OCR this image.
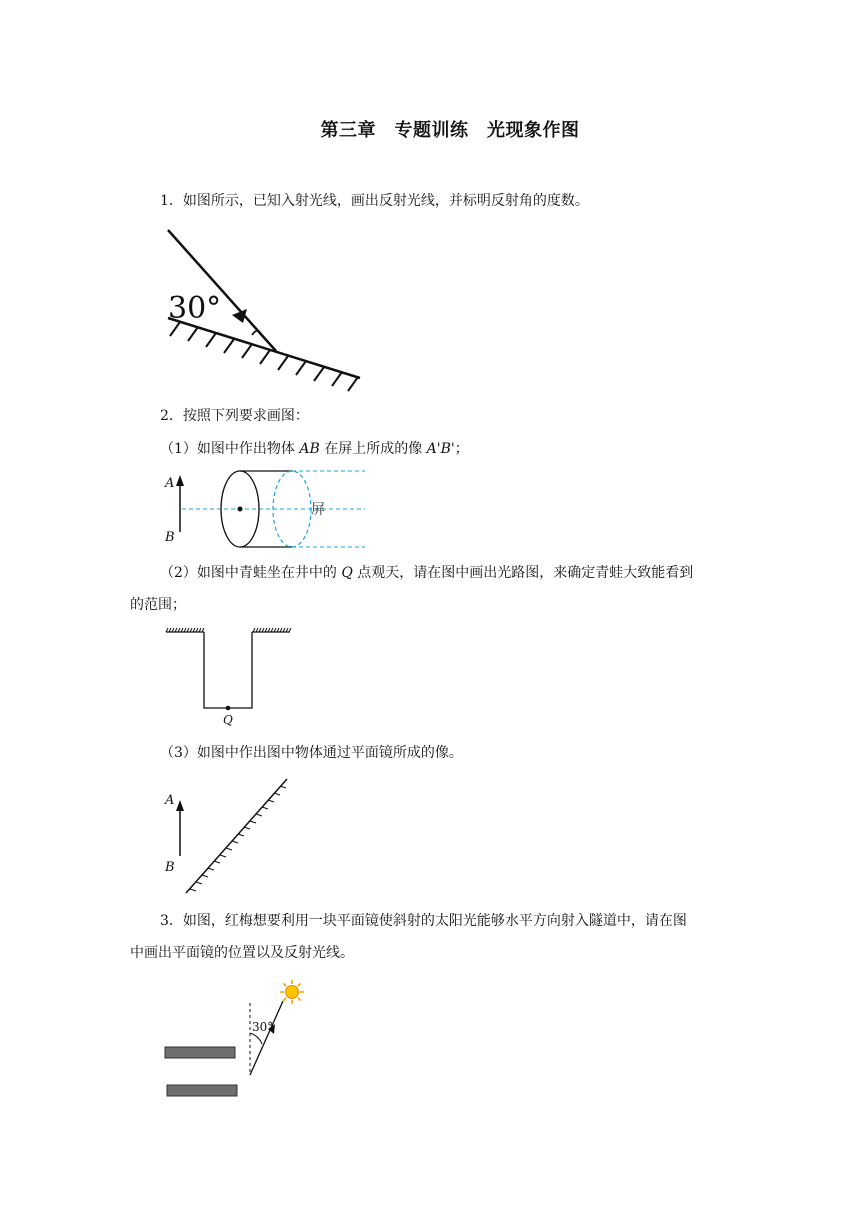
第三章　专题训练　光现象作图
1．如图所示，已知入射光线，画出反射光线，并标明反射角的度数。
30°
2．按照下列要求画图：
（1）如图中作出物体 AB 在屏上所成的像 A'B'；
A
B
屏
（2）如图中青蛙坐在井中的 Q 点观天，请在图中画出光路图，来确定青蛙大致能看到
的范围；
Q
（3）如图中作出图中物体通过平面镜所成的像。
A
B
3．如图，红梅想要利用一块平面镜使斜射的太阳光能够水平方向射入隧道中，请在图
中画出平面镜的位置以及反射光线。
30°
